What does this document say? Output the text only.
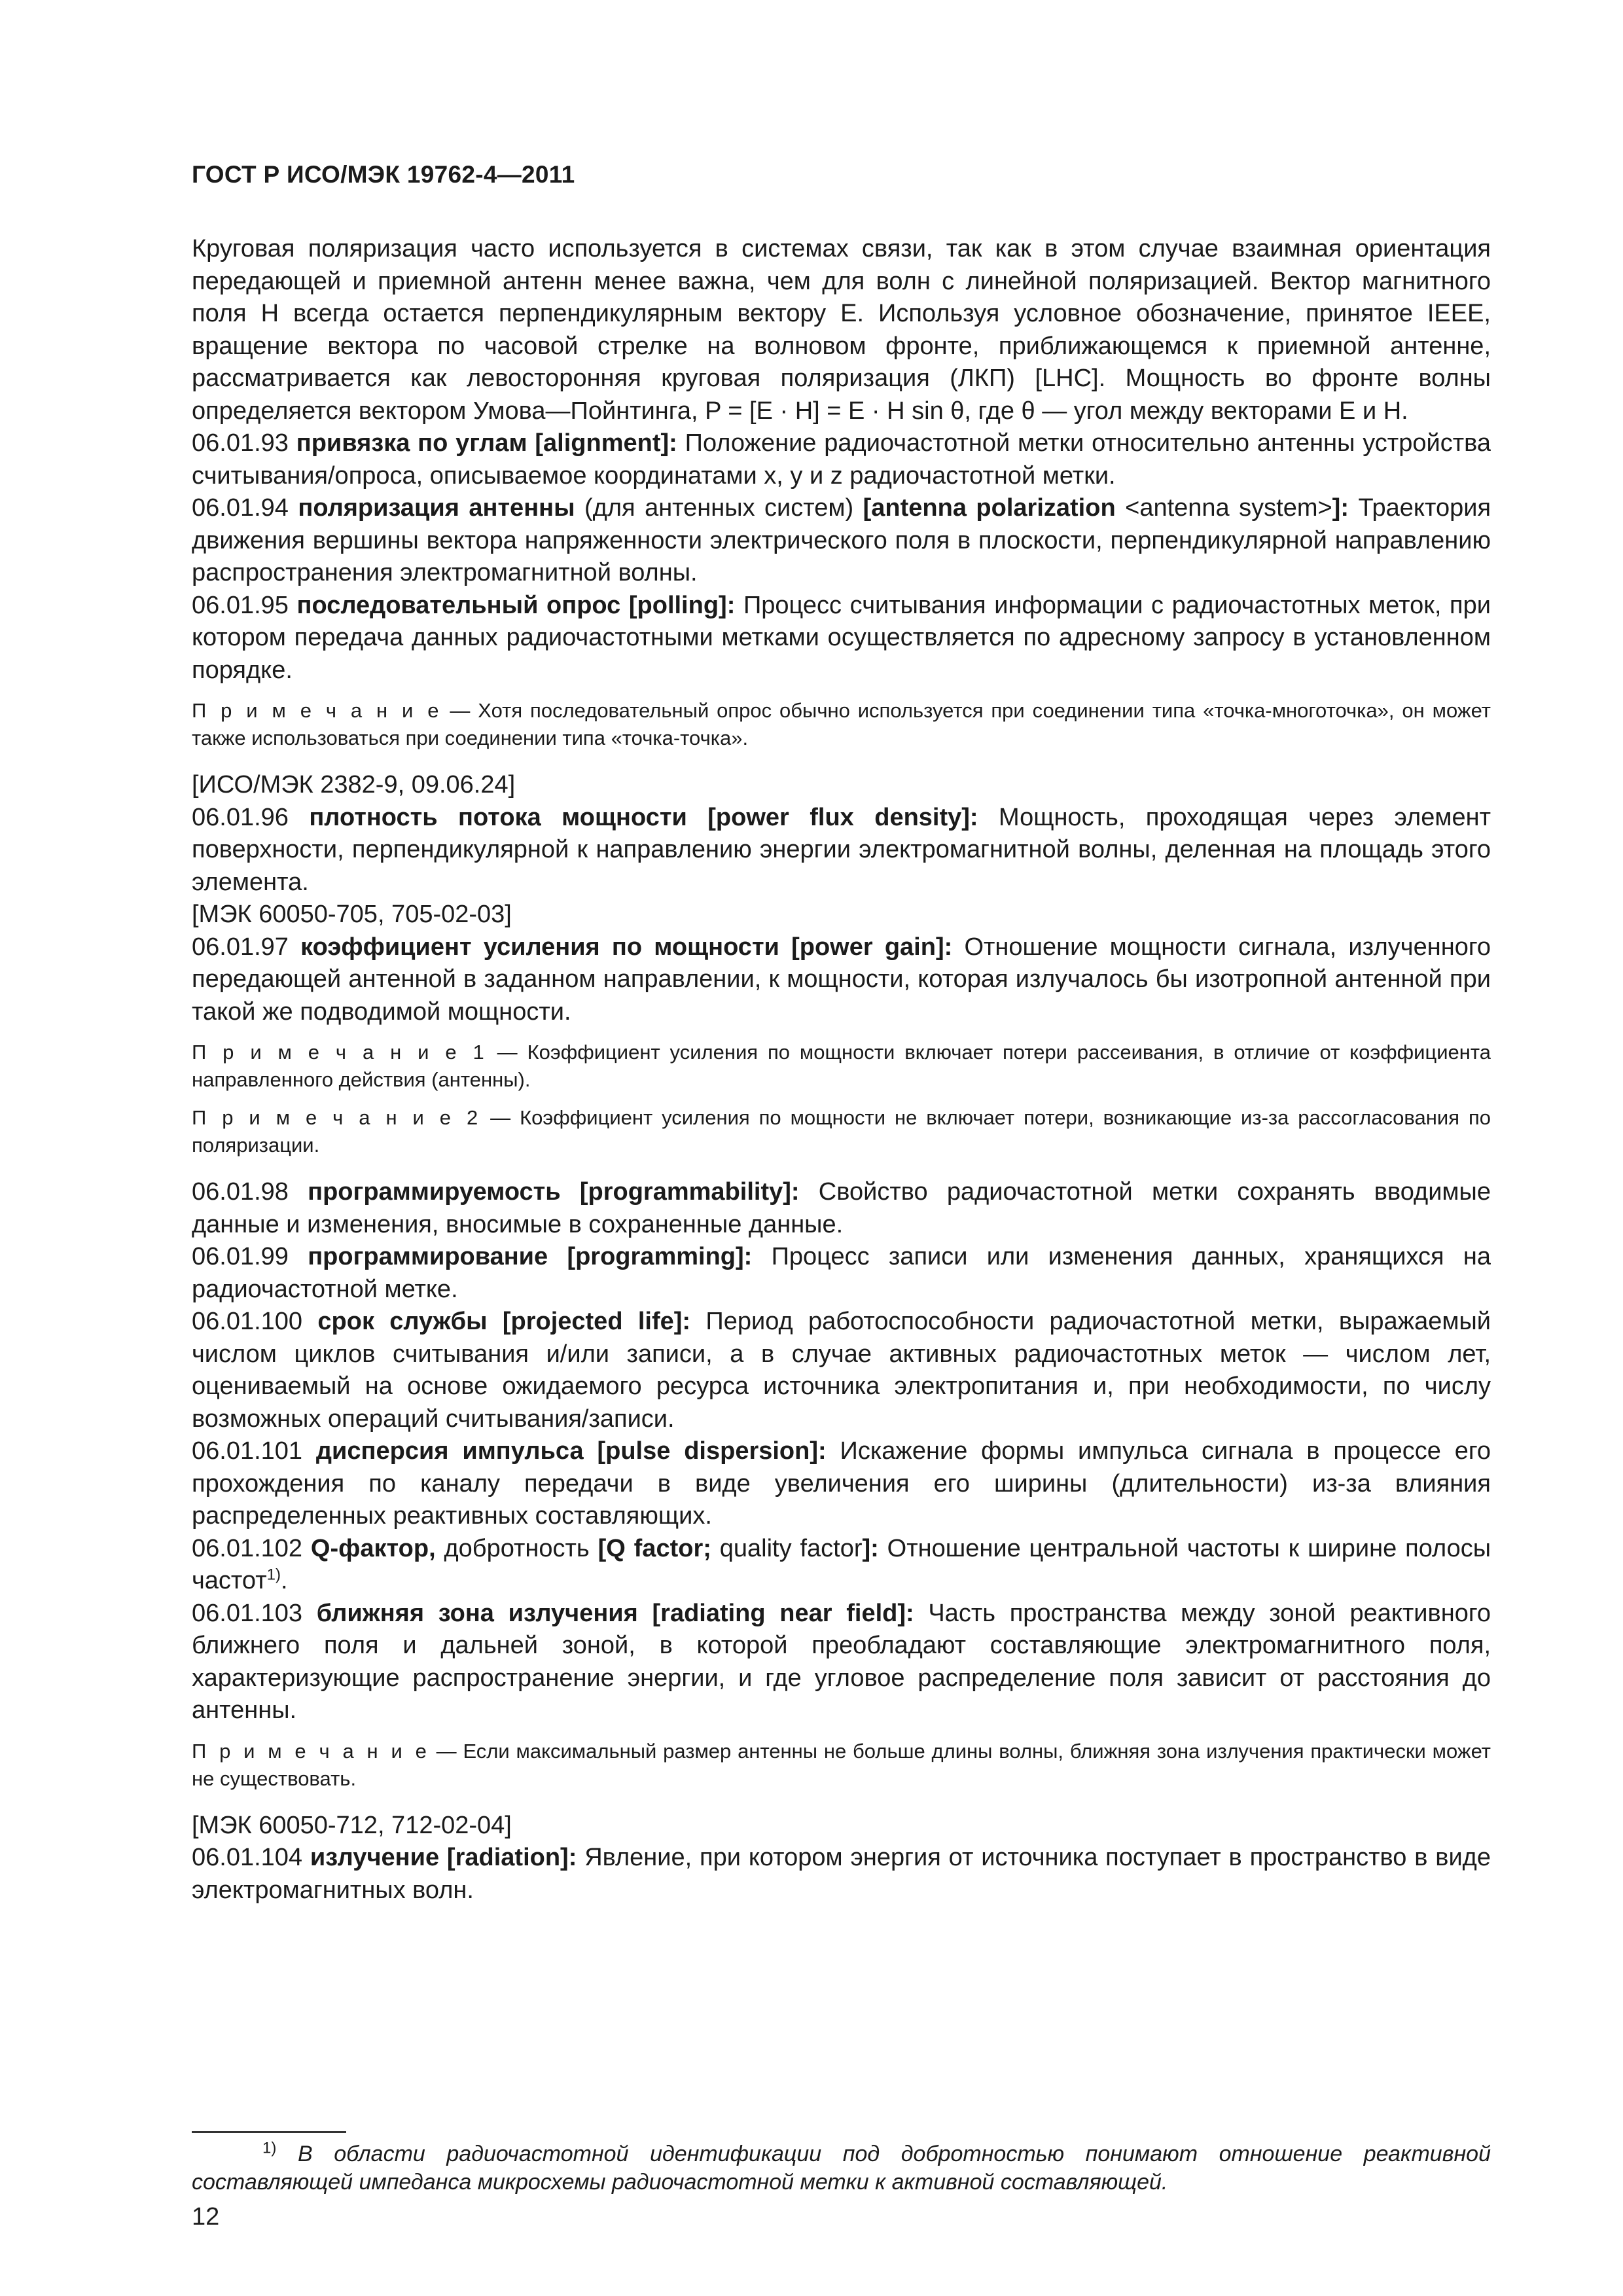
ГОСТ Р ИСО/МЭК 19762-4—2011

Круговая поляризация часто используется в системах связи, так как в этом случае взаимная ориентация передающей и приемной антенн менее важна, чем для волн с линейной поляризацией. Вектор магнитного поля H всегда остается перпендикулярным вектору E. Используя условное обозначение, принятое IEEE, вращение вектора по часовой стрелке на волновом фронте, приближающемся к приемной антенне, рассматривается как левосторонняя круговая поляризация (ЛКП) [LHC]. Мощность во фронте волны определяется вектором Умова—Пойнтинга, P = [E · H] = E · H sin θ, где θ — угол между векторами E и H.

06.01.93 привязка по углам [alignment]: Положение радиочастотной метки относительно антенны устройства считывания/опроса, описываемое координатами x, y и z радиочастотной метки.

06.01.94 поляризация антенны (для антенных систем) [antenna polarization <antenna system>]: Траектория движения вершины вектора напряженности электрического поля в плоскости, перпендикулярной направлению распространения электромагнитной волны.

06.01.95 последовательный опрос [polling]: Процесс считывания информации с радиочастотных меток, при котором передача данных радиочастотными метками осуществляется по адресному запросу в установленном порядке.

П р и м е ч а н и е — Хотя последовательный опрос обычно используется при соединении типа «точка-многоточка», он может также использоваться при соединении типа «точка-точка».

[ИСО/МЭК 2382-9, 09.06.24]

06.01.96 плотность потока мощности [power flux density]: Мощность, проходящая через элемент поверхности, перпендикулярной к направлению энергии электромагнитной волны, деленная на площадь этого элемента.

[МЭК 60050-705, 705-02-03]

06.01.97 коэффициент усиления по мощности [power gain]: Отношение мощности сигнала, излученного передающей антенной в заданном направлении, к мощности, которая излучалось бы изотропной антенной при такой же подводимой мощности.

П р и м е ч а н и е 1 — Коэффициент усиления по мощности включает потери рассеивания, в отличие от коэффициента направленного действия (антенны).

П р и м е ч а н и е 2 — Коэффициент усиления по мощности не включает потери, возникающие из-за рассогласования по поляризации.

06.01.98 программируемость [programmability]: Свойство радиочастотной метки сохранять вводимые данные и изменения, вносимые в сохраненные данные.

06.01.99 программирование [programming]: Процесс записи или изменения данных, хранящихся на радиочастотной метке.

06.01.100 срок службы [projected life]: Период работоспособности радиочастотной метки, выражаемый числом циклов считывания и/или записи, а в случае активных радиочастотных меток — числом лет, оцениваемый на основе ожидаемого ресурса источника электропитания и, при необходимости, по числу возможных операций считывания/записи.

06.01.101 дисперсия импульса [pulse dispersion]: Искажение формы импульса сигнала в процессе его прохождения по каналу передачи в виде увеличения его ширины (длительности) из-за влияния распределенных реактивных составляющих.

06.01.102 Q-фактор, добротность [Q factor; quality factor]: Отношение центральной частоты к ширине полосы частот$^{1)}$.

06.01.103 ближняя зона излучения [radiating near field]: Часть пространства между зоной реактивного ближнего поля и дальней зоной, в которой преобладают составляющие электромагнитного поля, характеризующие распространение энергии, и где угловое распределение поля зависит от расстояния до антенны.

П р и м е ч а н и е — Если максимальный размер антенны не больше длины волны, ближняя зона излучения практически может не существовать.

[МЭК 60050-712, 712-02-04]

06.01.104 излучение [radiation]: Явление, при котором энергия от источника поступает в пространство в виде электромагнитных волн.

$^{1)}$ В области радиочастотной идентификации под добротностью понимают отношение реактивной составляющей импеданса микросхемы радиочастотной метки к активной составляющей.
12
